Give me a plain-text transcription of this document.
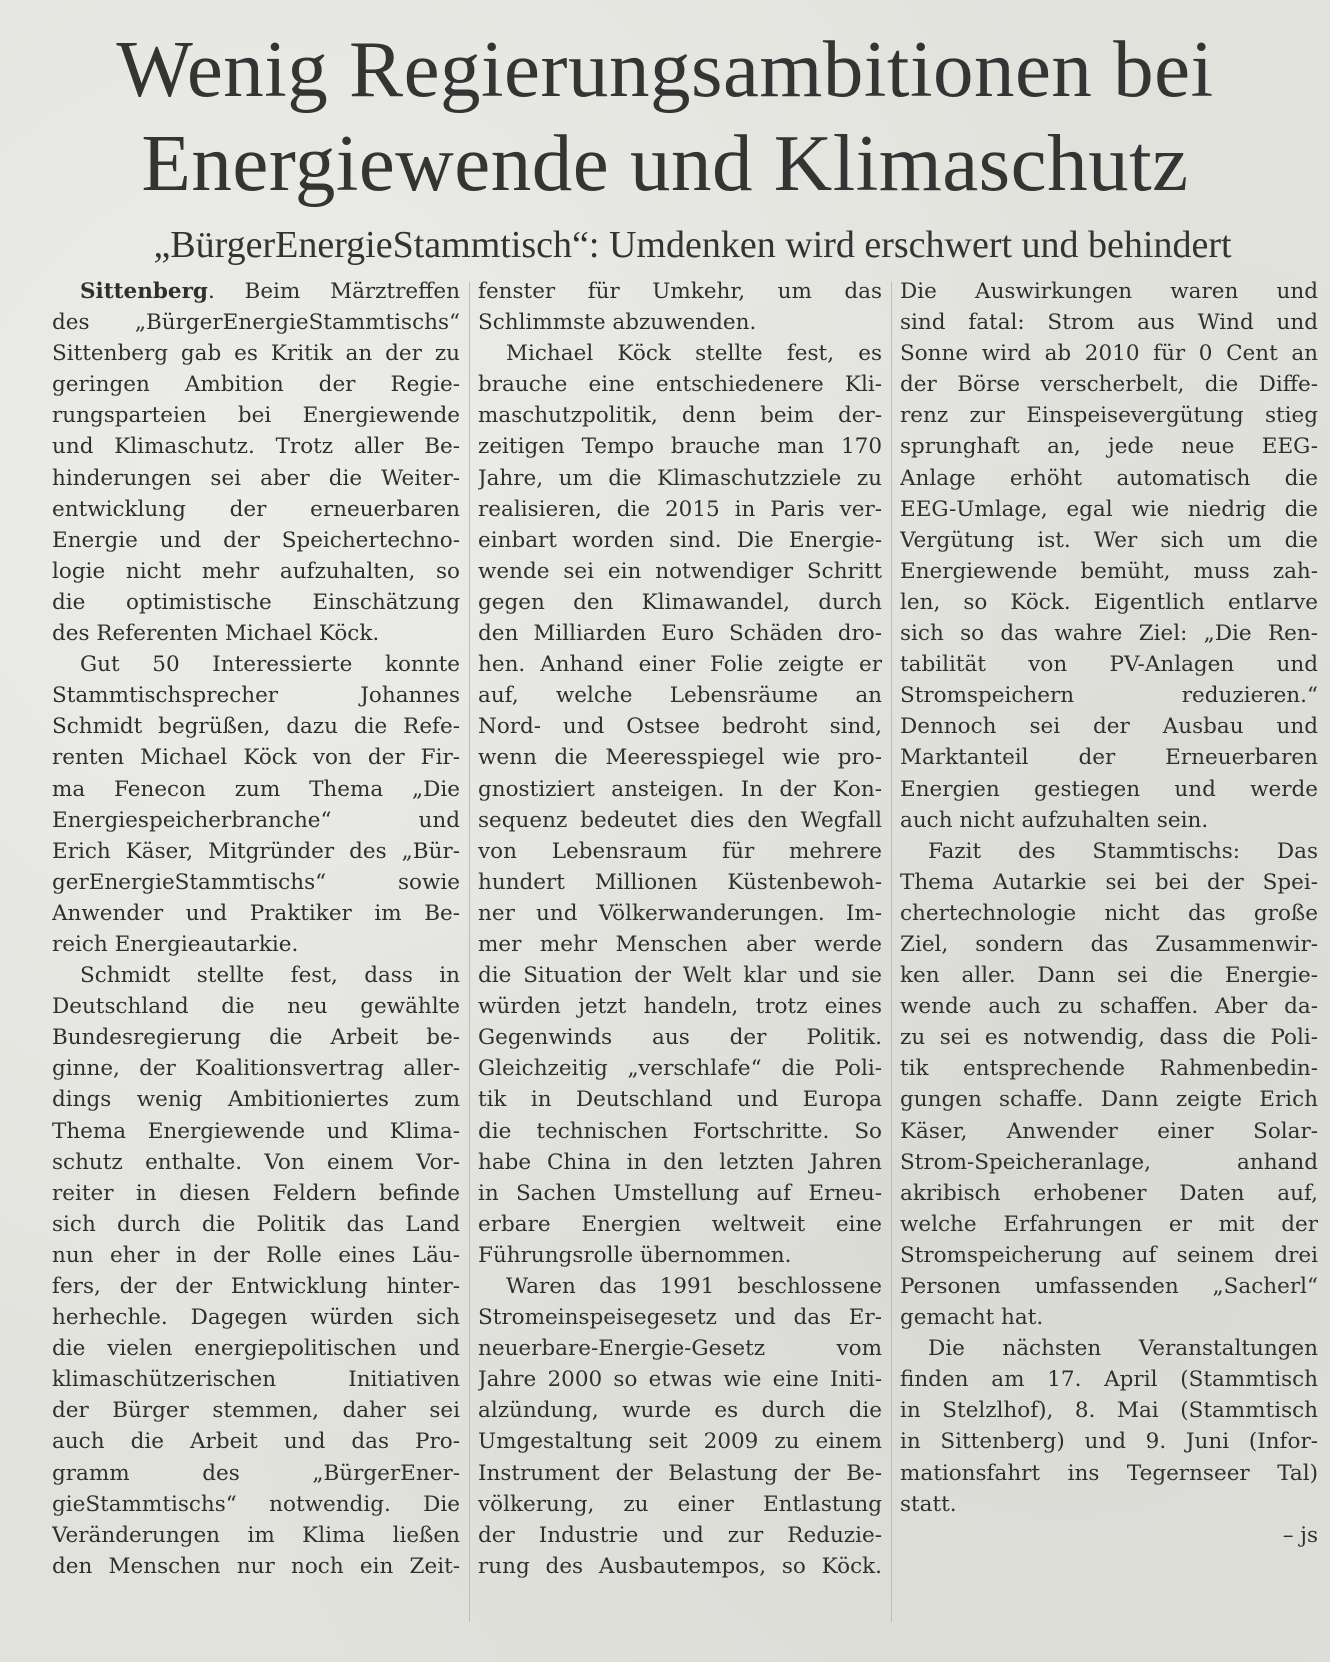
Wenig Regierungsambitionen bei
Energiewende und Klimaschutz
„BürgerEnergieStammtisch“: Umdenken wird erschwert und behindert
Sittenberg. Beim Märztreffen
des „BürgerEnergieStammtischs“
Sittenberg gab es Kritik an der zu
geringen Ambition der Regie-
rungsparteien bei Energiewende
und Klimaschutz. Trotz aller Be-
hinderungen sei aber die Weiter-
entwicklung der erneuerbaren
Energie und der Speichertechno-
logie nicht mehr aufzuhalten, so
die optimistische Einschätzung
des Referenten Michael Köck.
Gut 50 Interessierte konnte
Stammtischsprecher Johannes
Schmidt begrüßen, dazu die Refe-
renten Michael Köck von der Fir-
ma Fenecon zum Thema „Die
Energiespeicherbranche“ und
Erich Käser, Mitgründer des „Bür-
gerEnergieStammtischs“ sowie
Anwender und Praktiker im Be-
reich Energieautarkie.
Schmidt stellte fest, dass in
Deutschland die neu gewählte
Bundesregierung die Arbeit be-
ginne, der Koalitionsvertrag aller-
dings wenig Ambitioniertes zum
Thema Energiewende und Klima-
schutz enthalte. Von einem Vor-
reiter in diesen Feldern befinde
sich durch die Politik das Land
nun eher in der Rolle eines Läu-
fers, der der Entwicklung hinter-
herhechle. Dagegen würden sich
die vielen energiepolitischen und
klimaschützerischen Initiativen
der Bürger stemmen, daher sei
auch die Arbeit und das Pro-
gramm des „BürgerEner-
gieStammtischs“ notwendig. Die
Veränderungen im Klima ließen
den Menschen nur noch ein Zeit-
fenster für Umkehr, um das
Schlimmste abzuwenden.
Michael Köck stellte fest, es
brauche eine entschiedenere Kli-
maschutzpolitik, denn beim der-
zeitigen Tempo brauche man 170
Jahre, um die Klimaschutzziele zu
realisieren, die 2015 in Paris ver-
einbart worden sind. Die Energie-
wende sei ein notwendiger Schritt
gegen den Klimawandel, durch
den Milliarden Euro Schäden dro-
hen. Anhand einer Folie zeigte er
auf, welche Lebensräume an
Nord- und Ostsee bedroht sind,
wenn die Meeresspiegel wie pro-
gnostiziert ansteigen. In der Kon-
sequenz bedeutet dies den Wegfall
von Lebensraum für mehrere
hundert Millionen Küstenbewoh-
ner und Völkerwanderungen. Im-
mer mehr Menschen aber werde
die Situation der Welt klar und sie
würden jetzt handeln, trotz eines
Gegenwinds aus der Politik.
Gleichzeitig „verschlafe“ die Poli-
tik in Deutschland und Europa
die technischen Fortschritte. So
habe China in den letzten Jahren
in Sachen Umstellung auf Erneu-
erbare Energien weltweit eine
Führungsrolle übernommen.
Waren das 1991 beschlossene
Stromeinspeisegesetz und das Er-
neuerbare-Energie-Gesetz vom
Jahre 2000 so etwas wie eine Initi-
alzündung, wurde es durch die
Umgestaltung seit 2009 zu einem
Instrument der Belastung der Be-
völkerung, zu einer Entlastung
der Industrie und zur Reduzie-
rung des Ausbautempos, so Köck.
Die Auswirkungen waren und
sind fatal: Strom aus Wind und
Sonne wird ab 2010 für 0 Cent an
der Börse verscherbelt, die Diffe-
renz zur Einspeisevergütung stieg
sprunghaft an, jede neue EEG-
Anlage erhöht automatisch die
EEG-Umlage, egal wie niedrig die
Vergütung ist. Wer sich um die
Energiewende bemüht, muss zah-
len, so Köck. Eigentlich entlarve
sich so das wahre Ziel: „Die Ren-
tabilität von PV-Anlagen und
Stromspeichern reduzieren.“
Dennoch sei der Ausbau und
Marktanteil der Erneuerbaren
Energien gestiegen und werde
auch nicht aufzuhalten sein.
Fazit des Stammtischs: Das
Thema Autarkie sei bei der Spei-
chertechnologie nicht das große
Ziel, sondern das Zusammenwir-
ken aller. Dann sei die Energie-
wende auch zu schaffen. Aber da-
zu sei es notwendig, dass die Poli-
tik entsprechende Rahmenbedin-
gungen schaffe. Dann zeigte Erich
Käser, Anwender einer Solar-
Strom-Speicheranlage, anhand
akribisch erhobener Daten auf,
welche Erfahrungen er mit der
Stromspeicherung auf seinem drei
Personen umfassenden „Sacherl“
gemacht hat.
Die nächsten Veranstaltungen
finden am 17. April (Stammtisch
in Stelzlhof), 8. Mai (Stammtisch
in Sittenberg) und 9. Juni (Infor-
mationsfahrt ins Tegernseer Tal)
statt.
– js
